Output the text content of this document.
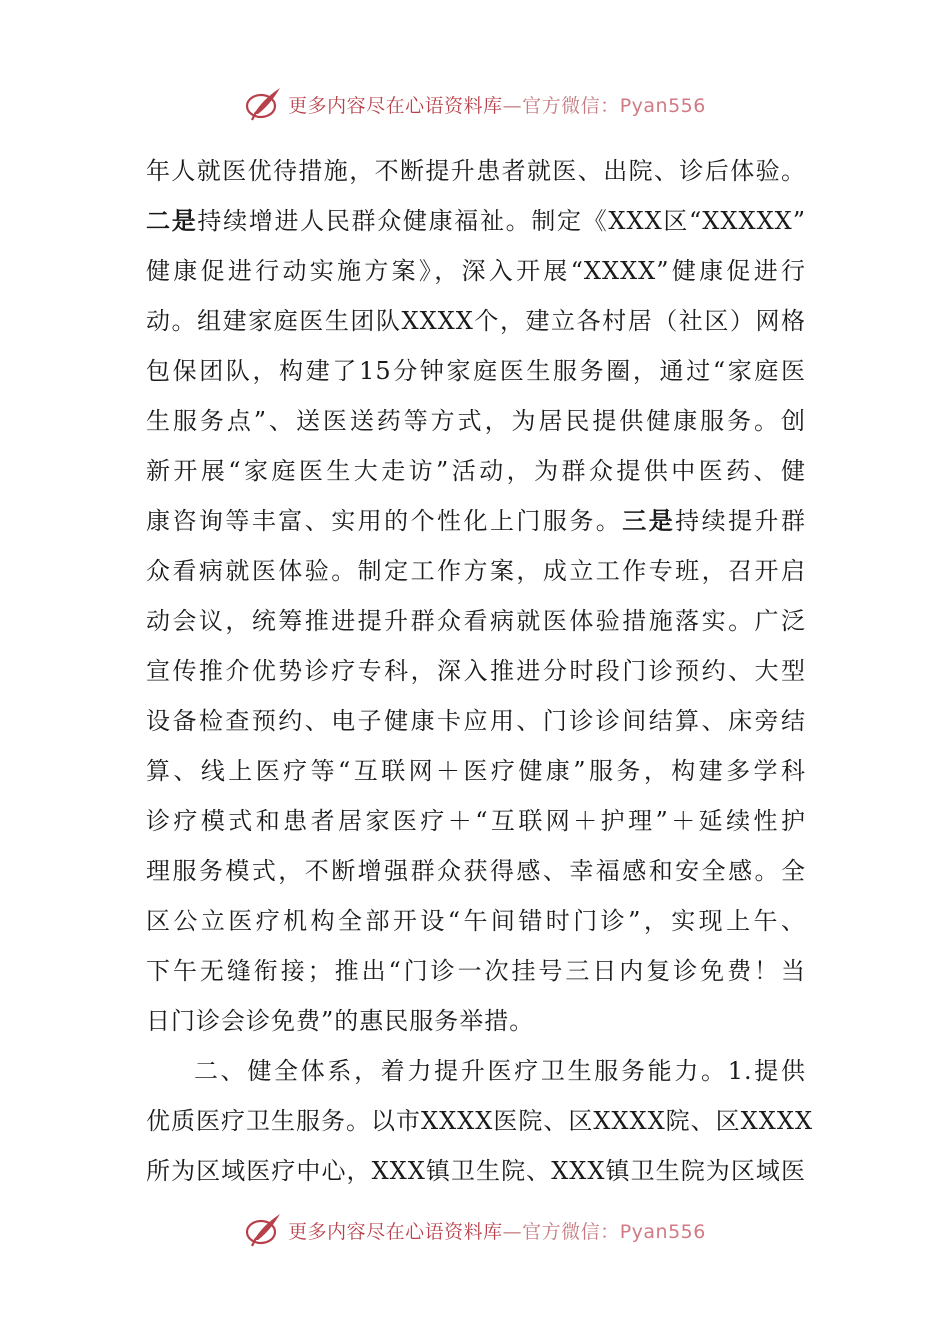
更多内容尽在心语资料库—官方微信：Pyan556
年人就医优待措施，不断提升患者就医、出院、诊后体验。
二是持续增进人民群众健康福祉。制定《XXX区“XXXXX”
健康促进行动实施方案》，深入开展“XXXX”健康促进行
动。组建家庭医生团队XXXX个，建立各村居（社区）网格
包保团队，构建了15分钟家庭医生服务圈，通过“家庭医
生服务点”、送医送药等方式，为居民提供健康服务。创
新开展“家庭医生大走访”活动，为群众提供中医药、健
康咨询等丰富、实用的个性化上门服务。三是持续提升群
众看病就医体验。制定工作方案，成立工作专班，召开启
动会议，统筹推进提升群众看病就医体验措施落实。广泛
宣传推介优势诊疗专科，深入推进分时段门诊预约、大型
设备检查预约、电子健康卡应用、门诊诊间结算、床旁结
算、线上医疗等“互联网＋医疗健康”服务，构建多学科
诊疗模式和患者居家医疗＋“互联网＋护理”＋延续性护
理服务模式，不断增强群众获得感、幸福感和安全感。全
区公立医疗机构全部开设“午间错时门诊”，实现上午、
下午无缝衔接；推出“门诊一次挂号三日内复诊免费！当
日门诊会诊免费”的惠民服务举措。
二、健全体系，着力提升医疗卫生服务能力。1.提供
优质医疗卫生服务。以市XXXX医院、区XXXX院、区XXXX
所为区域医疗中心，XXX镇卫生院、XXX镇卫生院为区域医
更多内容尽在心语资料库—官方微信：Pyan556
